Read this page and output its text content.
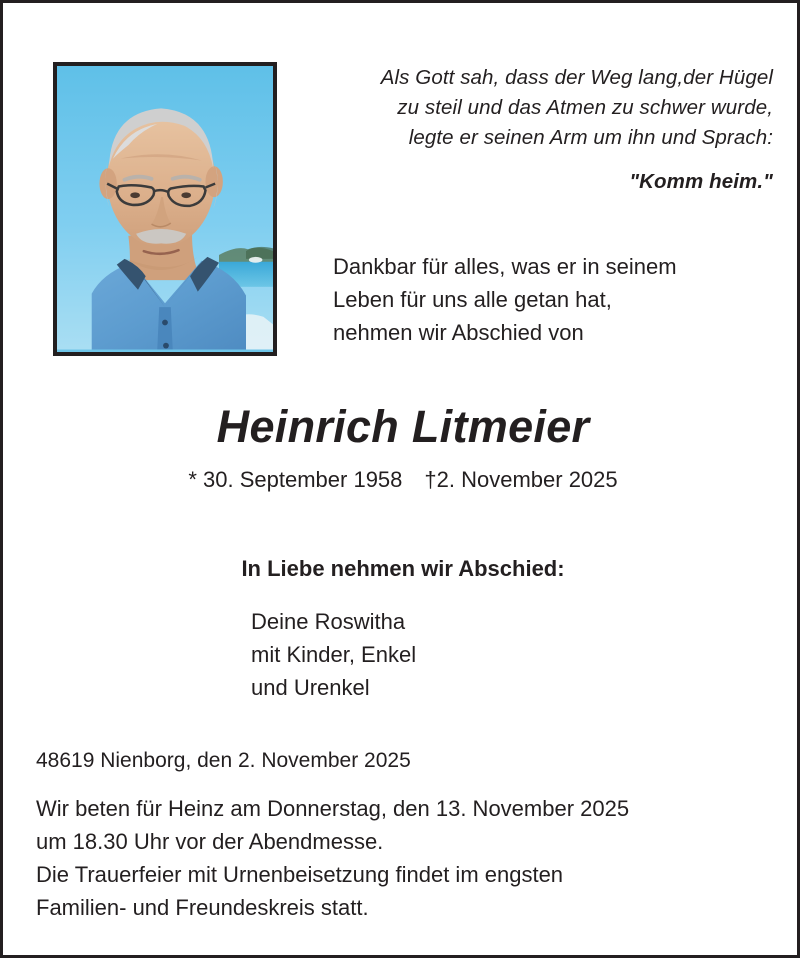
Als Gott sah, dass der Weg lang,der Hügel
zu steil und das Atmen zu schwer wurde,
legte er seinen Arm um ihn und Sprach:
"Komm heim."
Dankbar für alles, was er in seinem
Leben für uns alle getan hat,
nehmen wir Abschied von
Heinrich Litmeier
* 30. September 1958 †2. November 2025
In Liebe nehmen wir Abschied:
Deine Roswitha
mit Kinder, Enkel
und Urenkel
48619 Nienborg, den 2. November 2025
Wir beten für Heinz am Donnerstag, den 13. November 2025
um 18.30 Uhr vor der Abendmesse.
Die Trauerfeier mit Urnenbeisetzung findet im engsten
Familien- und Freundeskreis statt.
